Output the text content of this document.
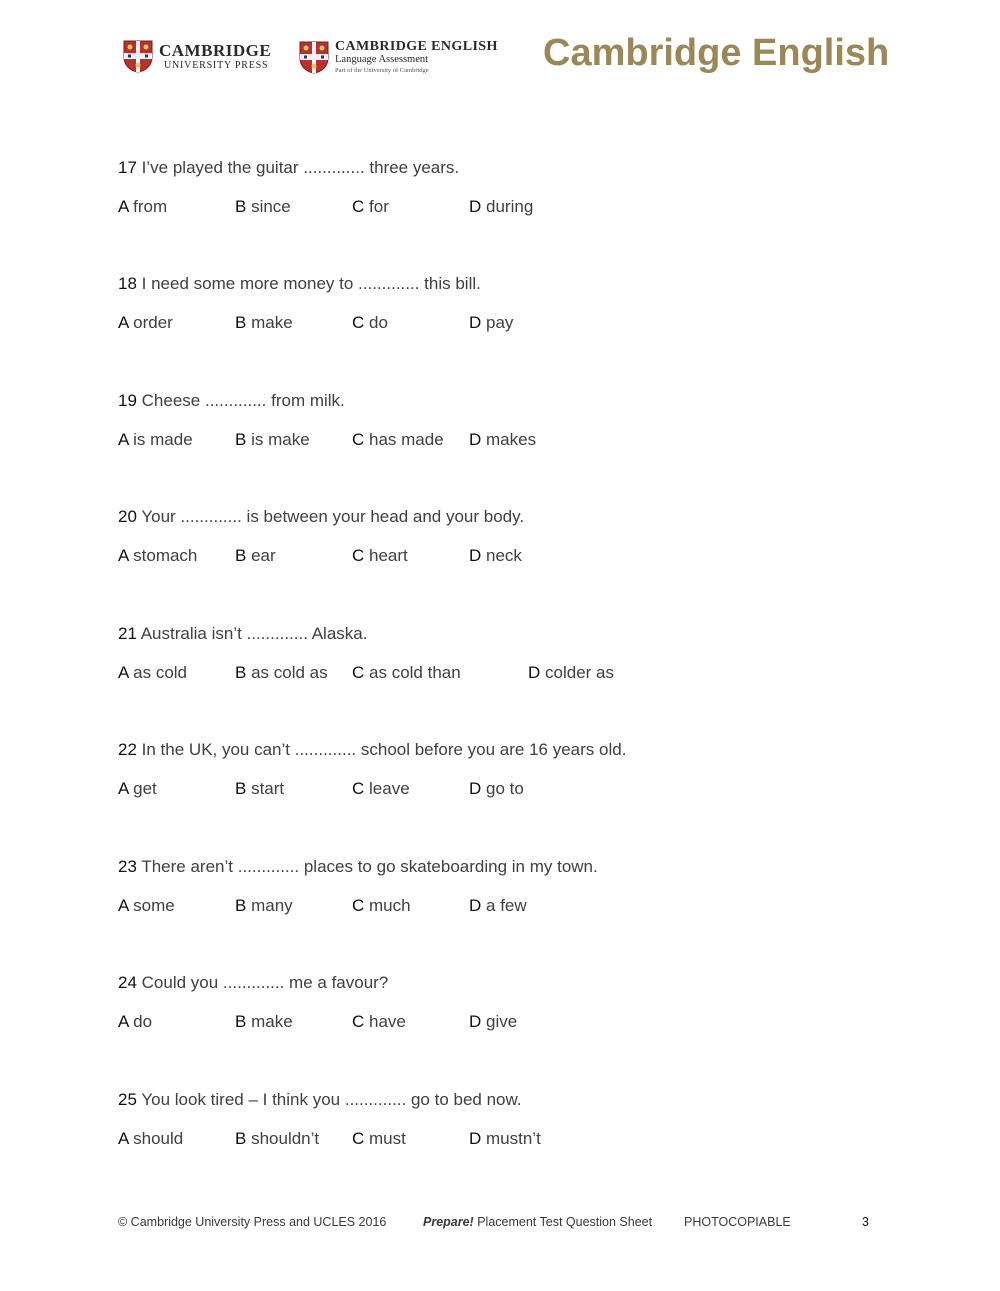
CAMBRIDGE
UNIVERSITY PRESS
CAMBRIDGE ENGLISH
Language Assessment
Part of the University of Cambridge	Cambridge English
17 I’ve played the guitar ............. three years.
A from	B since	C for	D during
18 I need some more money to ............. this bill.
A order	B make	C do	D pay
19 Cheese ............. from milk.
A is made B is make C has made D makes
20 Your ............. is between your head and your body.
A stomach B ear	C heart	D neck
21 Australia isn’t ............. Alaska.
A as cold	B as cold as C as cold than	D colder as
22 In the UK, you can’t ............. school before you are 16 years old.
A get	B start	C leave	D go to
23 There aren’t ............. places to go skateboarding in my town.
A some	B many	C much	D a few
24 Could you ............. me a favour?
A do	B make	C have	D give
25 You look tired – I think you ............. go to bed now.
A should	B shouldn’t C must	D mustn’t
© Cambridge University Press and UCLES 2016	Prepare! Placement Test Question Sheet	PHOTOCOPIABLE	3
